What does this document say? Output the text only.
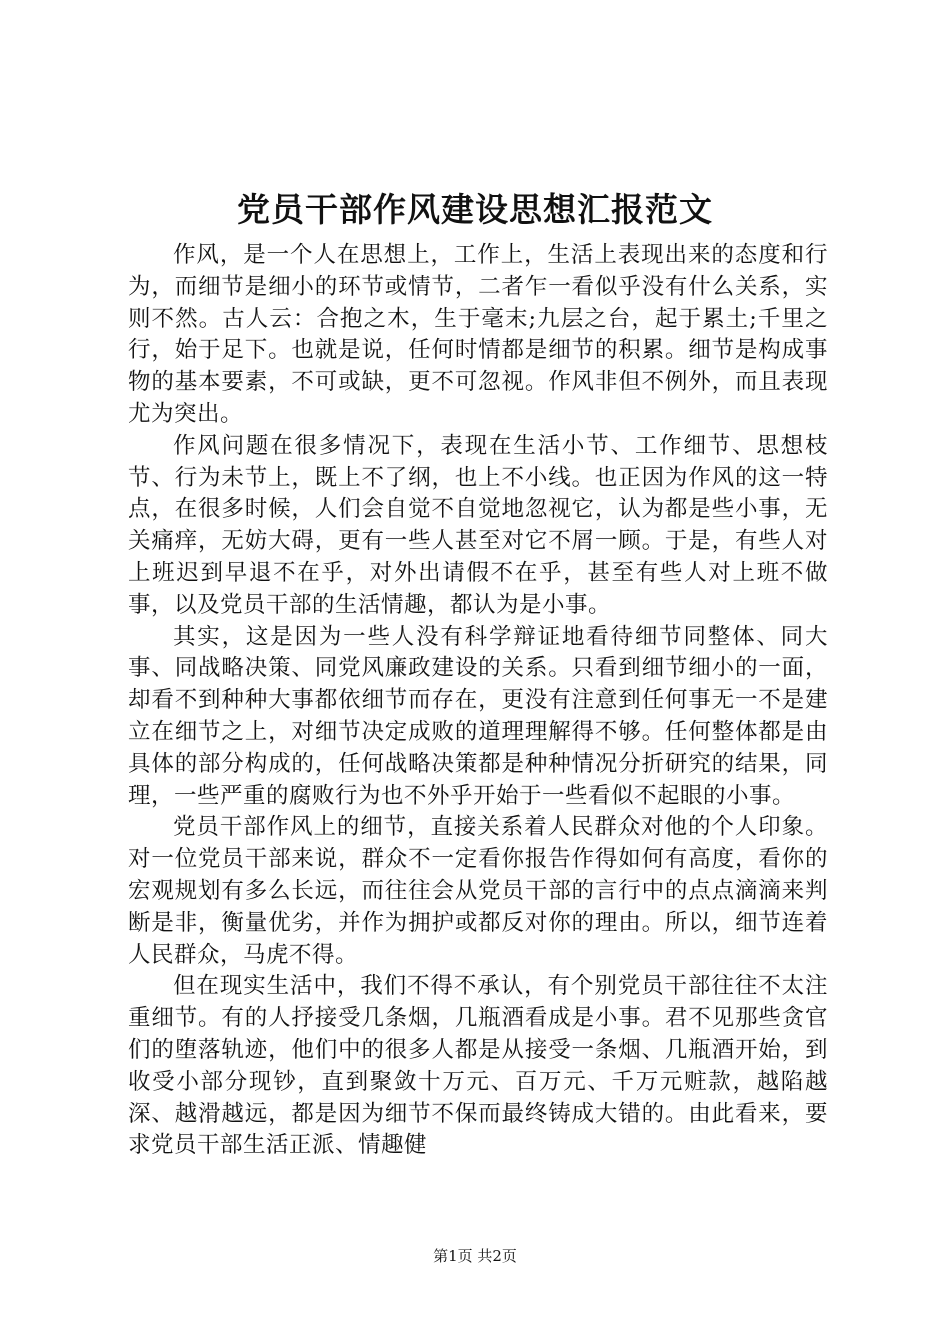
党员干部作风建设思想汇报范文

作风，是一个人在思想上，工作上，生活上表现出来的态度和行为，而细节是细小的环节或情节，二者乍一看似乎没有什么关系，实则不然。古人云：合抱之木，生于毫末;九层之台，起于累土;千里之行，始于足下。也就是说，任何时情都是细节的积累。细节是构成事物的基本要素，不可或缺，更不可忽视。作风非但不例外，而且表现尤为突出。

作风问题在很多情况下，表现在生活小节、工作细节、思想枝节、行为未节上，既上不了纲，也上不小线。也正因为作风的这一特点，在很多时候，人们会自觉不自觉地忽视它，认为都是些小事，无关痛痒，无妨大碍，更有一些人甚至对它不屑一顾。于是，有些人对上班迟到早退不在乎，对外出请假不在乎，甚至有些人对上班不做事，以及党员干部的生活情趣，都认为是小事。

其实，这是因为一些人没有科学辩证地看待细节同整体、同大事、同战略决策、同党风廉政建设的关系。只看到细节细小的一面，却看不到种种大事都依细节而存在，更没有注意到任何事无一不是建立在细节之上，对细节决定成败的道理理解得不够。任何整体都是由具体的部分构成的，任何战略决策都是种种情况分折研究的结果，同理，一些严重的腐败行为也不外乎开始于一些看似不起眼的小事。

党员干部作风上的细节，直接关系着人民群众对他的个人印象。对一位党员干部来说，群众不一定看你报告作得如何有高度，看你的宏观规划有多么长远，而往往会从党员干部的言行中的点点滴滴来判断是非，衡量优劣，并作为拥护或都反对你的理由。所以，细节连着人民群众，马虎不得。

但在现实生活中，我们不得不承认，有个别党员干部往往不太注重细节。有的人抒接受几条烟，几瓶酒看成是小事。君不见那些贪官们的堕落轨迹，他们中的很多人都是从接受一条烟、几瓶酒开始，到收受小部分现钞，直到聚敛十万元、百万元、千万元赃款，越陷越深、越滑越远，都是因为细节不保而最终铸成大错的。由此看来，要求党员干部生活正派、情趣健

第1页 共2页
